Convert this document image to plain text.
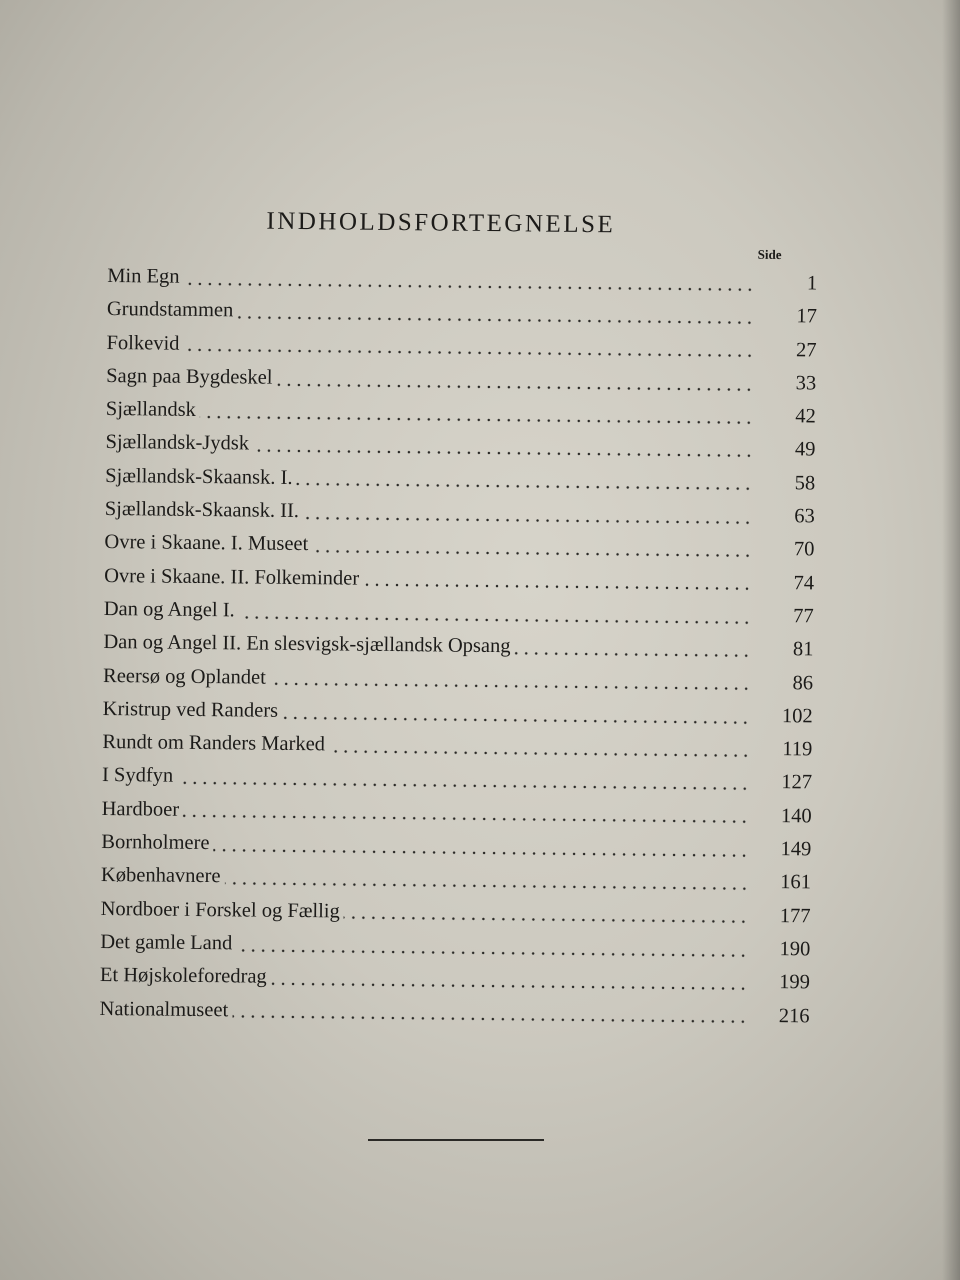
INDHOLDSFORTEGNELSE
Side
Min Egn	1
Grundstammen	17
Folkevid	27
Sagn paa Bygdeskel	33
Sjællandsk	42
Sjællandsk-Jydsk	49
Sjællandsk-Skaansk. I.	58
Sjællandsk-Skaansk. II.	63
Ovre i Skaane. I. Museet	70
Ovre i Skaane. II. Folkeminder	74
Dan og Angel I.	77
Dan og Angel II. En slesvigsk-sjællandsk Opsang	81
Reersø og Oplandet	86
Kristrup ved Randers	102
Rundt om Randers Marked	119
I Sydfyn	127
Hardboer	140
Bornholmere	149
Københavnere	161
Nordboer i Forskel og Fællig	177
Det gamle Land	190
Et Højskoleforedrag	199
Nationalmuseet	216
